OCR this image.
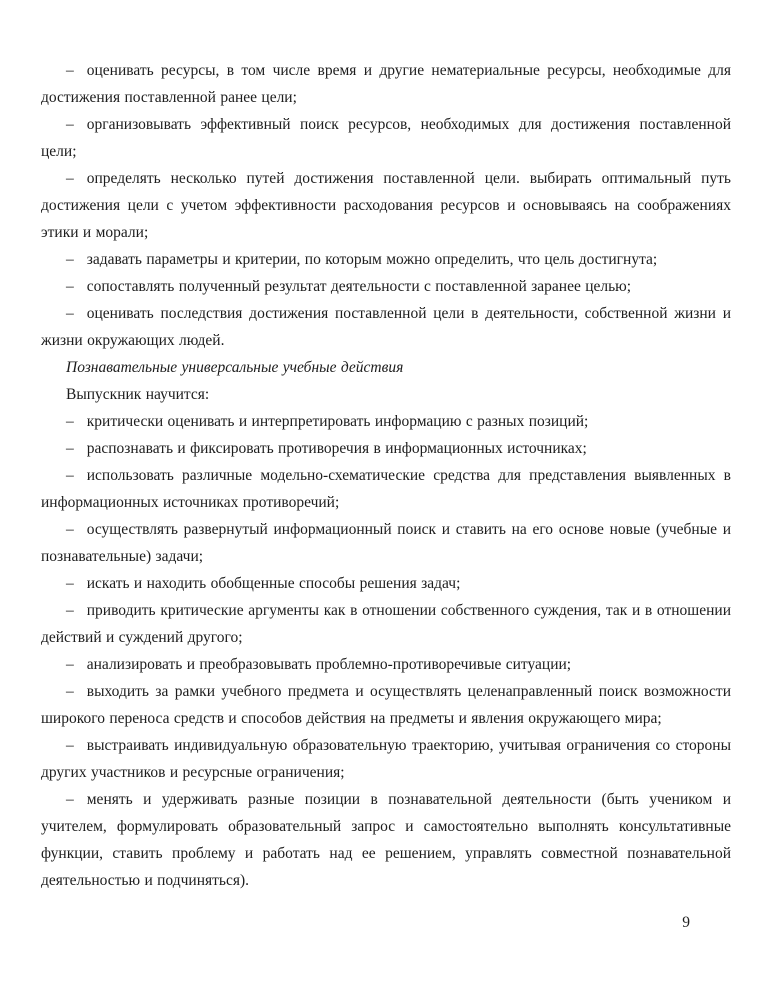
– оценивать ресурсы, в том числе время и другие нематериальные ресурсы, необходимые для достижения поставленной ранее цели;

– организовывать эффективный поиск ресурсов, необходимых для достижения поставленной цели;

– определять несколько путей достижения поставленной цели. выбирать оптимальный путь достижения цели с учетом эффективности расходования ресурсов и основываясь на соображениях этики и морали;

– задавать параметры и критерии, по которым можно определить, что цель достигнута;

– сопоставлять полученный результат деятельности с поставленной заранее целью;

– оценивать последствия достижения поставленной цели в деятельности, собственной жизни и жизни окружающих людей.

Познавательные универсальные учебные действия

Выпускник научится:

– критически оценивать и интерпретировать информацию с разных позиций;

– распознавать и фиксировать противоречия в информационных источниках;

– использовать различные модельно-схематические средства для представления выявленных в информационных источниках противоречий;

– осуществлять развернутый информационный поиск и ставить на его основе новые (учебные и познавательные) задачи;

– искать и находить обобщенные способы решения задач;

– приводить критические аргументы как в отношении собственного суждения, так и в отношении действий и суждений другого;

– анализировать и преобразовывать проблемно-противоречивые ситуации;

– выходить за рамки учебного предмета и осуществлять целенаправленный поиск возможности широкого переноса средств и способов действия на предметы и явления окружающего мира;

– выстраивать индивидуальную образовательную траекторию, учитывая ограничения со стороны других участников и ресурсные ограничения;

– менять и удерживать разные позиции в познавательной деятельности (быть учеником и учителем, формулировать образовательный запрос и самостоятельно выполнять консультативные функции, ставить проблему и работать над ее решением, управлять совместной познавательной деятельностью и подчиняться).

9
